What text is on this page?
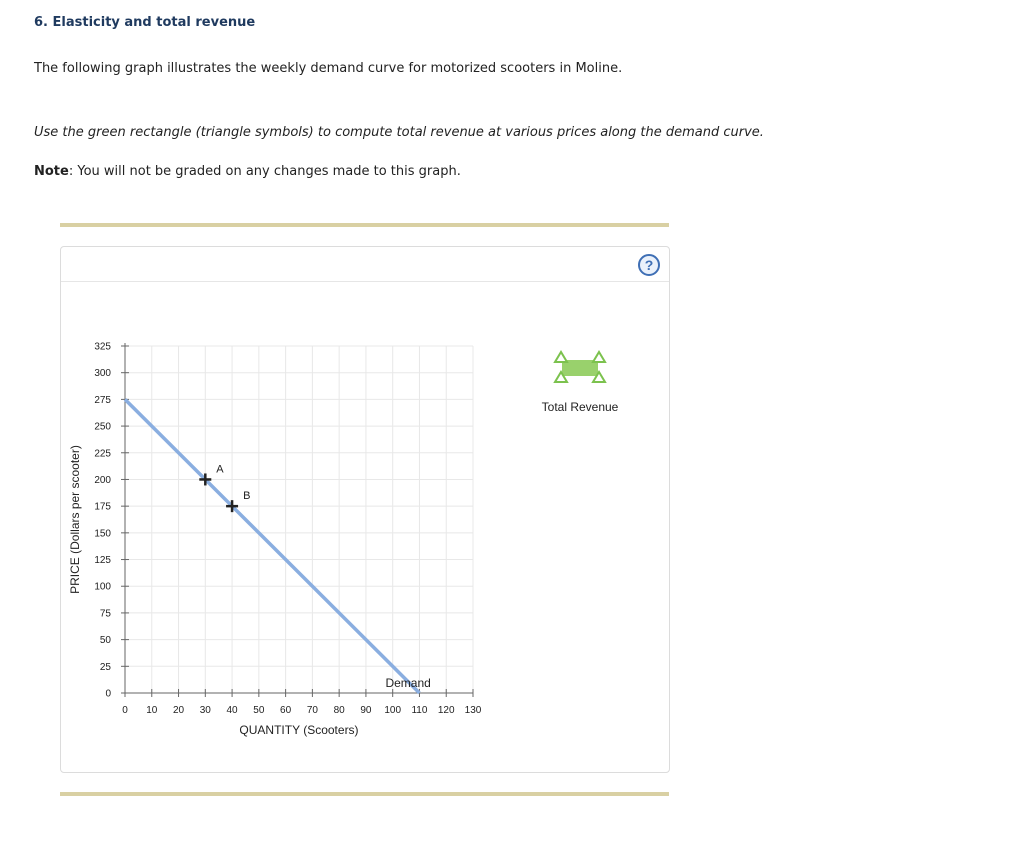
6. Elasticity and total revenue
The following graph illustrates the weekly demand curve for motorized scooters in Moline.
Use the green rectangle (triangle symbols) to compute total revenue at various prices along the demand curve.
Note: You will not be graded on any changes made to this graph.
?
0
25
50
75
100
125
150
175
200
225
250
275
300
325
0 10 20 30 40 50 60 70 80 90 100 110 120 130
QUANTITY (Scooters)
PRICE (Dollars per scooter)
Demand
A
B
Total Revenue
